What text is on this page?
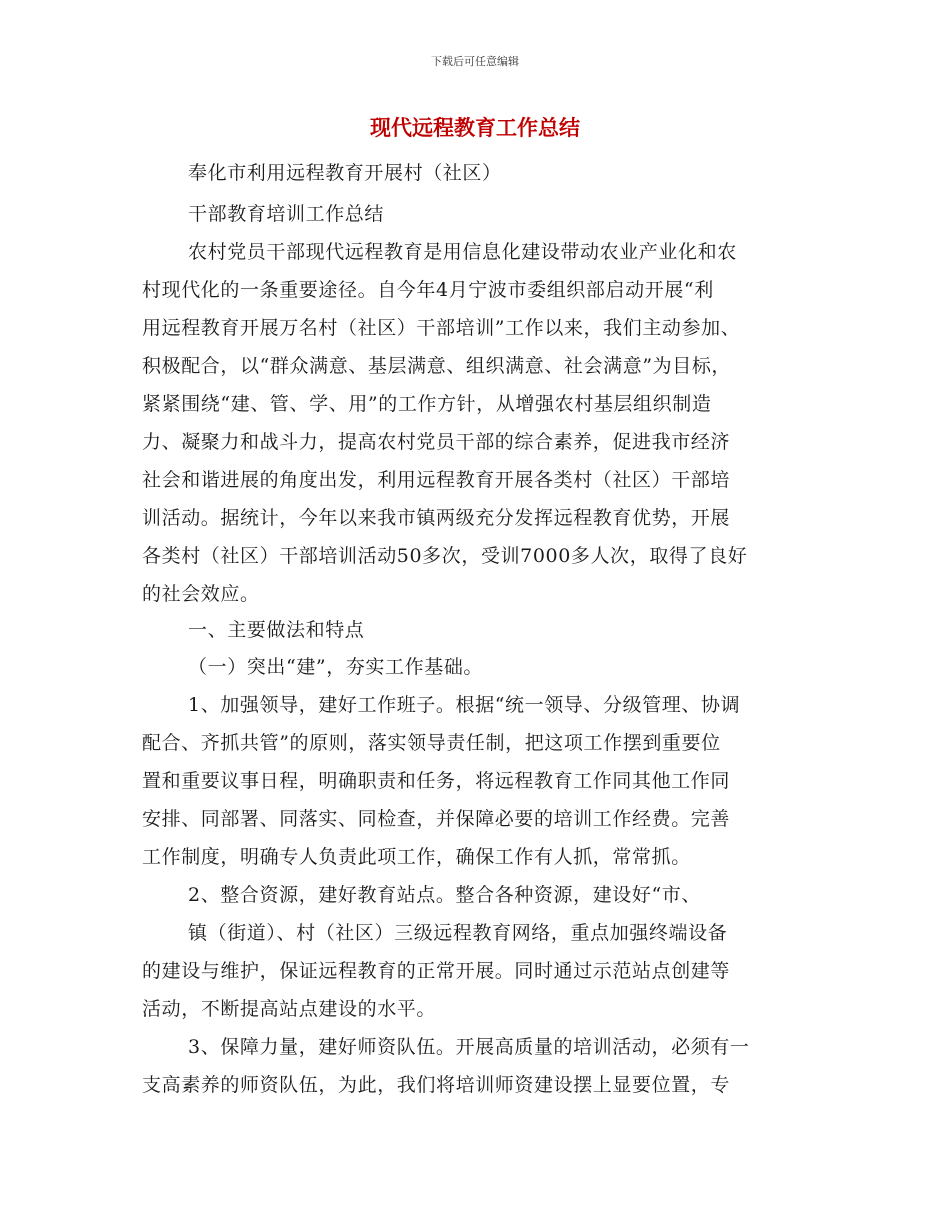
下载后可任意编辑
现代远程教育工作总结
奉化市利用远程教育开展村（社区）
干部教育培训工作总结
农村党员干部现代远程教育是用信息化建设带动农业产业化和农
村现代化的一条重要途径。自今年4月宁波市委组织部启动开展“利
用远程教育开展万名村（社区）干部培训”工作以来，我们主动参加、
积极配合，以“群众满意、基层满意、组织满意、社会满意”为目标，
紧紧围绕“建、管、学、用”的工作方针，从增强农村基层组织制造
力、凝聚力和战斗力，提高农村党员干部的综合素养，促进我市经济
社会和谐进展的角度出发，利用远程教育开展各类村（社区）干部培
训活动。据统计，今年以来我市镇两级充分发挥远程教育优势，开展
各类村（社区）干部培训活动50多次，受训7000多人次，取得了良好
的社会效应。
一、主要做法和特点
（一）突出“建”，夯实工作基础。
1、加强领导，建好工作班子。根据“统一领导、分级管理、协调
配合、齐抓共管”的原则，落实领导责任制，把这项工作摆到重要位
置和重要议事日程，明确职责和任务，将远程教育工作同其他工作同
安排、同部署、同落实、同检查，并保障必要的培训工作经费。完善
工作制度，明确专人负责此项工作，确保工作有人抓，常常抓。
2、整合资源，建好教育站点。整合各种资源，建设好“市、
镇（街道）、村（社区）三级远程教育网络，重点加强终端设备
的建设与维护，保证远程教育的正常开展。同时通过示范站点创建等
活动，不断提高站点建设的水平。
3、保障力量，建好师资队伍。开展高质量的培训活动，必须有一
支高素养的师资队伍，为此，我们将培训师资建设摆上显要位置，专
